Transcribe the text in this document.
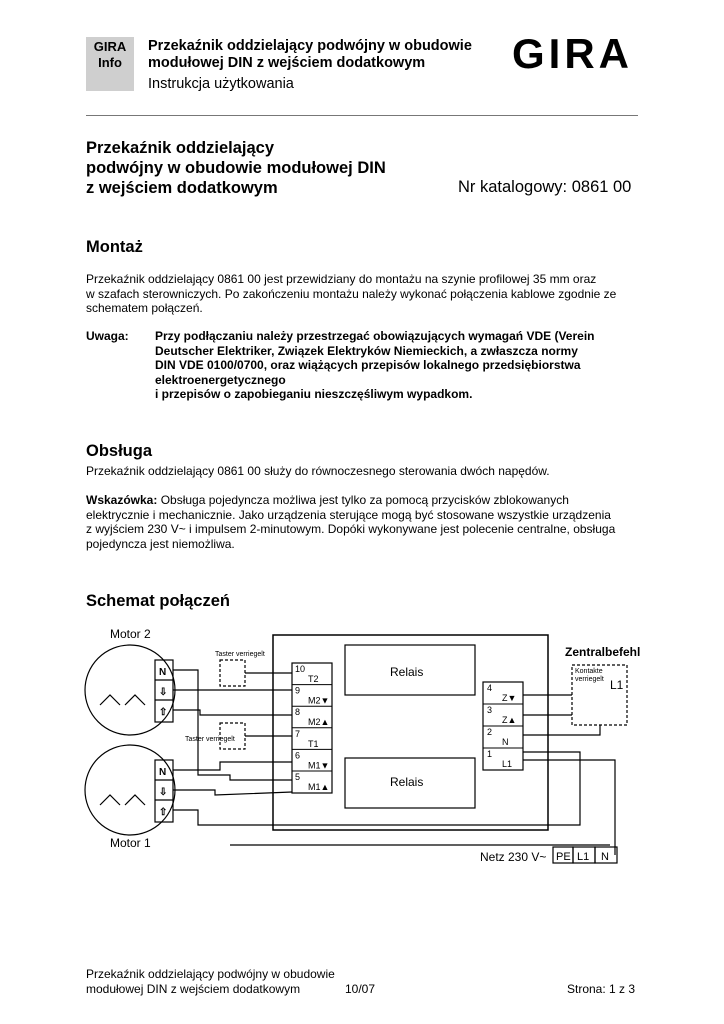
GIRA
Info
Przekaźnik oddzielający podwójny w obudowie
modułowej DIN z wejściem dodatkowym
Instrukcja użytkowania
GIRA
Przekaźnik oddzielający
podwójny w obudowie modułowej DIN
z wejściem dodatkowym	Nr katalogowy: 0861 00
Montaż
Przekaźnik oddzielający 0861 00 jest przewidziany do montażu na szynie profilowej 35 mm oraz
w szafach sterowniczych. Po zakończeniu montażu należy wykonać połączenia kablowe zgodnie ze
schematem połączeń.
Uwaga: Przy podłączaniu należy przestrzegać obowiązujących wymagań VDE (Verein
Deutscher Elektriker, Związek Elektryków Niemieckich, a zwłaszcza normy
DIN VDE 0100/0700, oraz wiążących przepisów lokalnego przedsiębiorstwa
elektroenergetycznego
i przepisów o zapobieganiu nieszczęśliwym wypadkom.
Obsługa
Przekaźnik oddzielający 0861 00 służy do równoczesnego sterowania dwóch napędów.
Wskazówka: Obsługa pojedyncza możliwa jest tylko za pomocą przycisków zblokowanych
elektrycznie i mechanicznie. Jako urządzenia sterujące mogą być stosowane wszystkie urządzenia
z wyjściem 230 V~ i impulsem 2-minutowym. Dopóki wykonywane jest polecenie centralne, obsługa
pojedyncza jest niemożliwa.
Schemat połączeń
Motor 2
Motor 1
Relais
Relais
Zentralbefehl
L1
Netz 230 V~ PE L1 N
Taster verriegelt
Taster verriegelt
Kontakte
verriegelt
10
T2
9
M2▼
8
M2▲
7
T1
6
M1▼
5
M1▲
4
Z▼
3
Z▲
2
N
1
L1
N
⇩
⇧
N
⇩
⇧
Przekaźnik oddzielający podwójny w obudowie
modułowej DIN z wejściem dodatkowym	10/07	Strona: 1 z 3
